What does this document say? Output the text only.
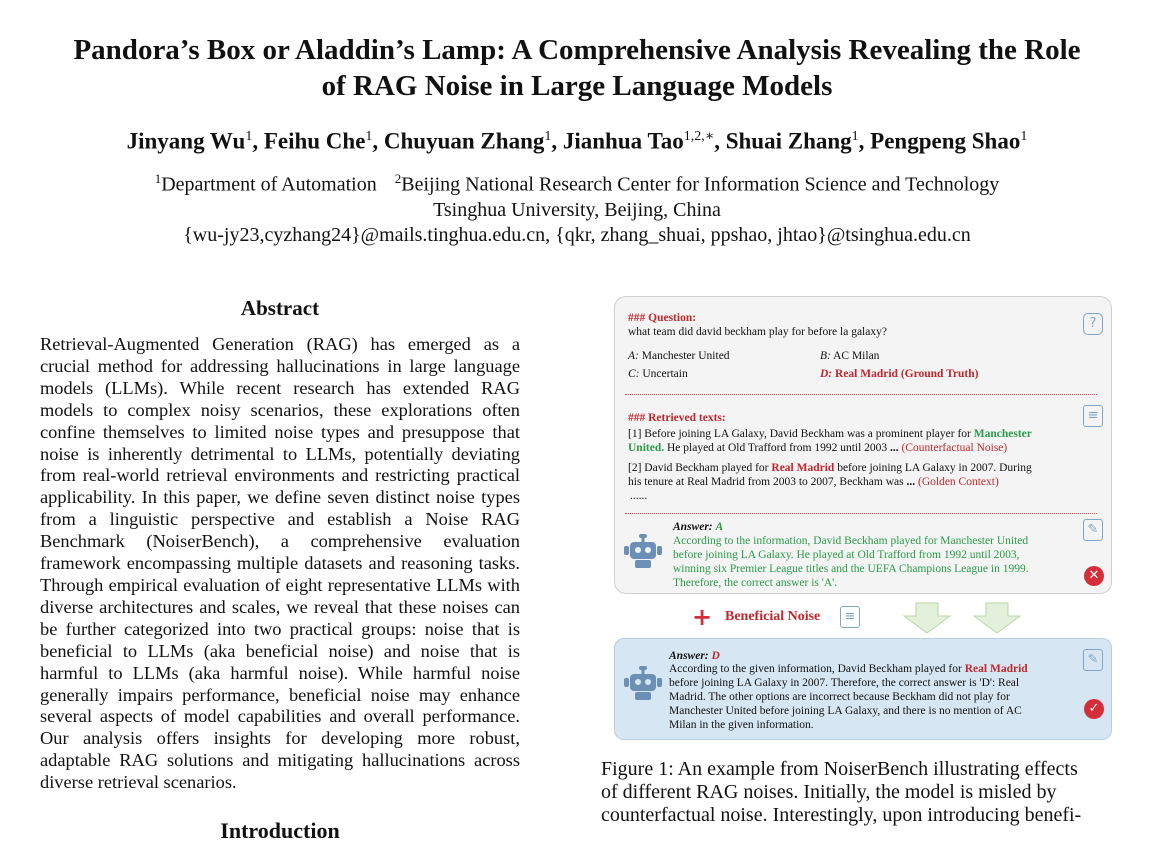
Pandora’s Box or Aladdin’s Lamp: A Comprehensive Analysis Revealing the Role
of RAG Noise in Large Language Models
Jinyang Wu$^1$, Feihu Che$^1$, Chuyuan Zhang$^1$, Jianhua Tao$^{1,2,∗}$, Shuai Zhang$^1$, Pengpeng Shao$^1$
$^1$Department of Automation $^2$Beijing National Research Center for Information Science and Technology
Tsinghua University, Beijing, China
{wu-jy23,cyzhang24}@mails.tinghua.edu.cn, {qkr, zhang_shuai, ppshao, jhtao}@tsinghua.edu.cn
Abstract
Retrieval-Augmented Generation (RAG) has emerged as a crucial method for addressing hallucinations in large language models (LLMs). While recent research has extended RAG models to complex noisy scenarios, these explorations often confine themselves to limited noise types and presuppose that noise is inherently detrimental to LLMs, potentially deviating from real-world retrieval environments and restricting practical applicability. In this paper, we define seven distinct noise types from a linguistic perspective and establish a Noise RAG Benchmark (NoiserBench), a comprehensive evaluation framework encompassing multiple datasets and reasoning tasks. Through empirical evaluation of eight representative LLMs with diverse architectures and scales, we reveal that these noises can be further categorized into two practical groups: noise that is beneficial to LLMs (aka beneficial noise) and noise that is harmful to LLMs (aka harmful noise). While harmful noise generally impairs performance, beneficial noise may enhance several aspects of model capabilities and overall performance. Our analysis offers insights for developing more robust, adaptable RAG solutions and mitigating hallucinations across diverse retrieval scenarios.
Introduction
### Question:
what team did david beckham play for before la galaxy?
?
A: Manchester United	B: AC Milan
C: Uncertain	D: Real Madrid (Ground Truth)
### Retrieved texts:	≡
[1] Before joining LA Galaxy, David Beckham was a prominent player for Manchester
United. He played at Old Trafford from 1992 until 2003 ... (Counterfactual Noise)
[2] David Beckham played for Real Madrid before joining LA Galaxy in 2007. During
his tenure at Real Madrid from 2003 to 2007, Beckham was ... (Golden Context)
......
Answer: A	✎
According to the information, David Beckham played for Manchester United
before joining LA Galaxy. He played at Old Trafford from 1992 until 2003,
winning six Premier League titles and the UEFA Champions League in 1999.
Therefore, the correct answer is 'A'.	✕
+ Beneficial Noise	≡
Answer: D
According to the given information, David Beckham played for Real Madrid
before joining LA Galaxy in 2007. Therefore, the correct answer is 'D': Real
Madrid. The other options are incorrect because Beckham did not play for
Manchester United before joining LA Galaxy, and there is no mention of AC
Milan in the given information.
✎
✓
Figure 1: An example from NoiserBench illustrating effects
of different RAG noises. Initially, the model is misled by
counterfactual noise. Interestingly, upon introducing benefi-
